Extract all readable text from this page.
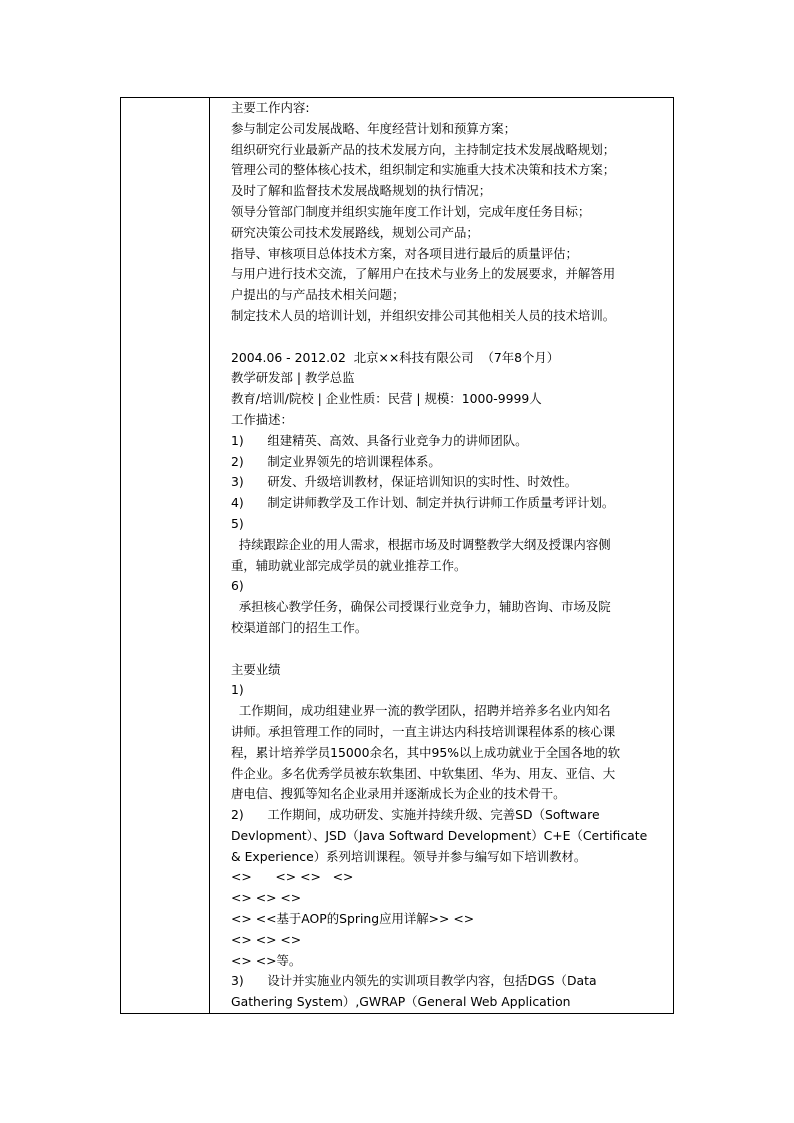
主要工作内容:
参与制定公司发展战略、年度经营计划和预算方案；
组织研究行业最新产品的技术发展方向，主持制定技术发展战略规划；
管理公司的整体核心技术，组织制定和实施重大技术决策和技术方案；
及时了解和监督技术发展战略规划的执行情况；
领导分管部门制度并组织实施年度工作计划，完成年度任务目标；
研究决策公司技术发展路线，规划公司产品；
指导、审核项目总体技术方案，对各项目进行最后的质量评估；
与用户进行技术交流，了解用户在技术与业务上的发展要求，并解答用
户提出的与产品技术相关问题；
制定技术人员的培训计划，并组织安排公司其他相关人员的技术培训。
2004.06 - 2012.02  北京××科技有限公司  （7年8个月）
教学研发部 | 教学总监
教育/培训/院校 | 企业性质：民营 | 规模：1000-9999人
工作描述：
1)      组建精英、高效、具备行业竞争力的讲师团队。
2)      制定业界领先的培训课程体系。
3)      研发、升级培训教材，保证培训知识的实时性、时效性。
4)      制定讲师教学及工作计划、制定并执行讲师工作质量考评计划。
5)
持续跟踪企业的用人需求，根据市场及时调整教学大纲及授课内容侧
重，辅助就业部完成学员的就业推荐工作。
6)
承担核心教学任务，确保公司授课行业竞争力，辅助咨询、市场及院
校渠道部门的招生工作。
主要业绩
1)
工作期间，成功组建业界一流的教学团队，招聘并培养多名业内知名
讲师。承担管理工作的同时，一直主讲达内科技培训课程体系的核心课
程，累计培养学员15000余名，其中95%以上成功就业于全国各地的软
件企业。多名优秀学员被东软集团、中软集团、华为、用友、亚信、大
唐电信、搜狐等知名企业录用并逐渐成长为企业的技术骨干。
2)      工作期间，成功研发、实施并持续升级、完善SD（Software
Devlopment）、JSD（Java Softward Development）C+E（Certificate
& Experience）系列培训课程。领导并参与编写如下培训教材。
<>      <> <>   <>
<> <> <>
<> <<基于AOP的Spring应用详解>> <>
<> <> <>
<> <>等。
3)      设计并实施业内领先的实训项目教学内容，包括DGS（Data
Gathering System）,GWRAP（General Web Application
